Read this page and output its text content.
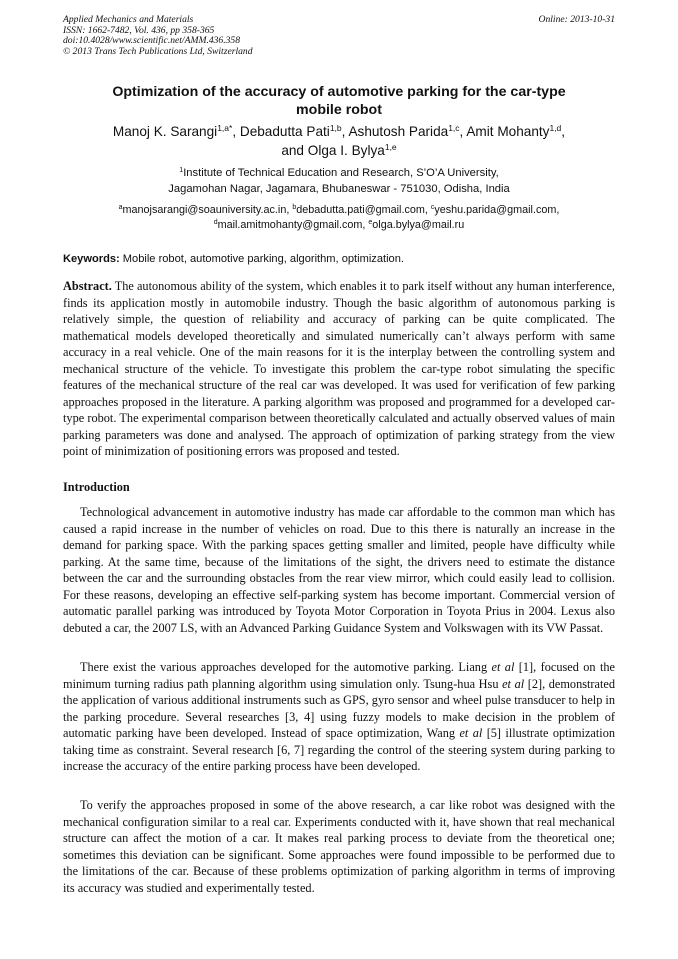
Applied Mechanics and Materials
ISSN: 1662-7482, Vol. 436, pp 358-365
doi:10.4028/www.scientific.net/AMM.436.358
© 2013 Trans Tech Publications Ltd, Switzerland
Online: 2013-10-31
Optimization of the accuracy of automotive parking for the car-type
mobile robot
Manoj K. Sarangi$^{1,a*}$, Debadutta Pati$^{1,b}$, Ashutosh Parida$^{1,c}$, Amit Mohanty$^{1,d}$,
and Olga I. Bylya$^{1,e}$
$^1$Institute of Technical Education and Research, S’O’A University,
Jagamohan Nagar, Jagamara, Bhubaneswar - 751030, Odisha, India
$^a$manojsarangi@soauniversity.ac.in, $^b$debadutta.pati@gmail.com, $^c$yeshu.parida@gmail.com,
$^d$mail.amitmohanty@gmail.com, $^e$olga.bylya@mail.ru
Keywords: Mobile robot, automotive parking, algorithm, optimization.

Abstract. The autonomous ability of the system, which enables it to park itself without any human interference, finds its application mostly in automobile industry. Though the basic algorithm of autonomous parking is relatively simple, the question of reliability and accuracy of parking can be quite complicated. The mathematical models developed theoretically and simulated numerically can’t always perform with same accuracy in a real vehicle. One of the main reasons for it is the interplay between the controlling system and mechanical structure of the vehicle. To investigate this problem the car-type robot simulating the specific features of the mechanical structure of the real car was developed. It was used for verification of few parking approaches proposed in the literature. A parking algorithm was proposed and programmed for a developed car-type robot. The experimental comparison between theoretically calculated and actually observed values of main parking parameters was done and analysed. The approach of optimization of parking strategy from the view point of minimization of positioning errors was proposed and tested.

Introduction

Technological advancement in automotive industry has made car affordable to the common man which has caused a rapid increase in the number of vehicles on road. Due to this there is naturally an increase in the demand for parking space. With the parking spaces getting smaller and limited, people have difficulty while parking. At the same time, because of the limitations of the sight, the drivers need to estimate the distance between the car and the surrounding obstacles from the rear view mirror, which could easily lead to collision. For these reasons, developing an effective self-parking system has become important. Commercial version of automatic parallel parking was introduced by Toyota Motor Corporation in Toyota Prius in 2004. Lexus also debuted a car, the 2007 LS, with an Advanced Parking Guidance System and Volkswagen with its VW Passat.

There exist the various approaches developed for the automotive parking. Liang et al [1], focused on the minimum turning radius path planning algorithm using simulation only. Tsung-hua Hsu et al [2], demonstrated the application of various additional instruments such as GPS, gyro sensor and wheel pulse transducer to help in the parking procedure. Several researches [3, 4] using fuzzy models to make decision in the problem of automatic parking have been developed. Instead of space optimization, Wang et al [5] illustrate optimization taking time as constraint. Several research [6, 7] regarding the control of the steering system during parking to increase the accuracy of the entire parking process have been developed.

To verify the approaches proposed in some of the above research, a car like robot was designed with the mechanical configuration similar to a real car. Experiments conducted with it, have shown that real mechanical structure can affect the motion of a car. It makes real parking process to deviate from the theoretical one; sometimes this deviation can be significant. Some approaches were found impossible to be performed due to the limitations of the car. Because of these problems optimization of parking algorithm in terms of improving its accuracy was studied and experimentally tested.
